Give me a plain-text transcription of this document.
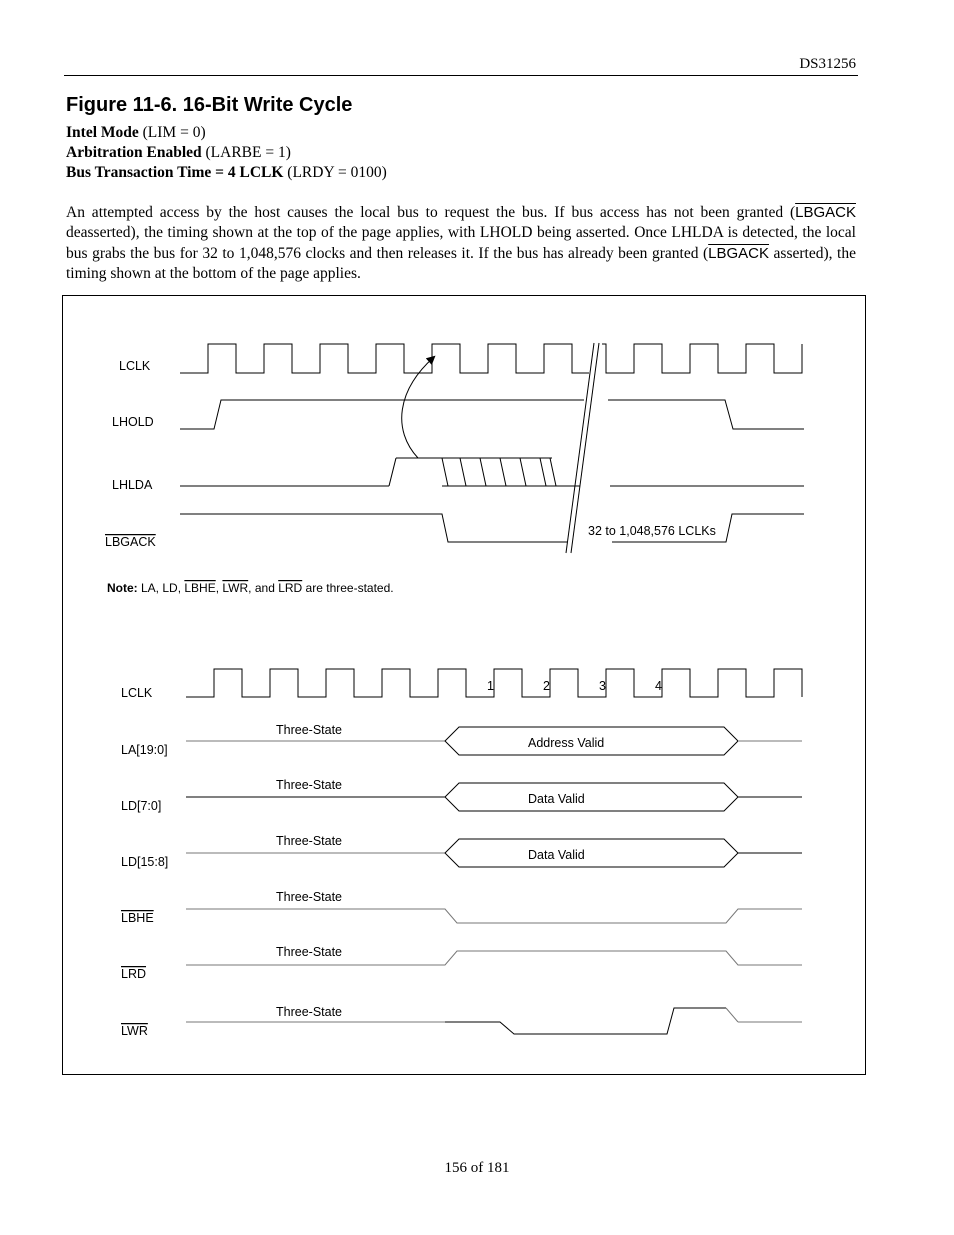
DS31256
Figure 11-6. 16-Bit Write Cycle
Intel Mode (LIM = 0)
Arbitration Enabled (LARBE = 1)
Bus Transaction Time = 4 LCLK (LRDY = 0100)

An attempted access by the host causes the local bus to request the bus. If bus access has not been granted (LBGACK deasserted), the timing shown at the top of the page applies, with LHOLD being asserted. Once LHLDA is detected, the local bus grabs the bus for 32 to 1,048,576 clocks and then releases it. If the bus has already been granted (LBGACK asserted), the timing shown at the bottom of the page applies.

LCLK
LHOLD
LHLDA
LBGACK
32 to 1,048,576 LCLKs
Note: LA, LD, LBHE, LWR, and LRD are three-stated.
LCLK
LA[19:0]
LD[7:0]
LD[15:8]
LBHE
LRD
LWR
1	2	3	4
Three-State
Address Valid
Three-State
Data Valid
Three-State
Data Valid
Three-State
Three-State
Three-State
156 of 181
